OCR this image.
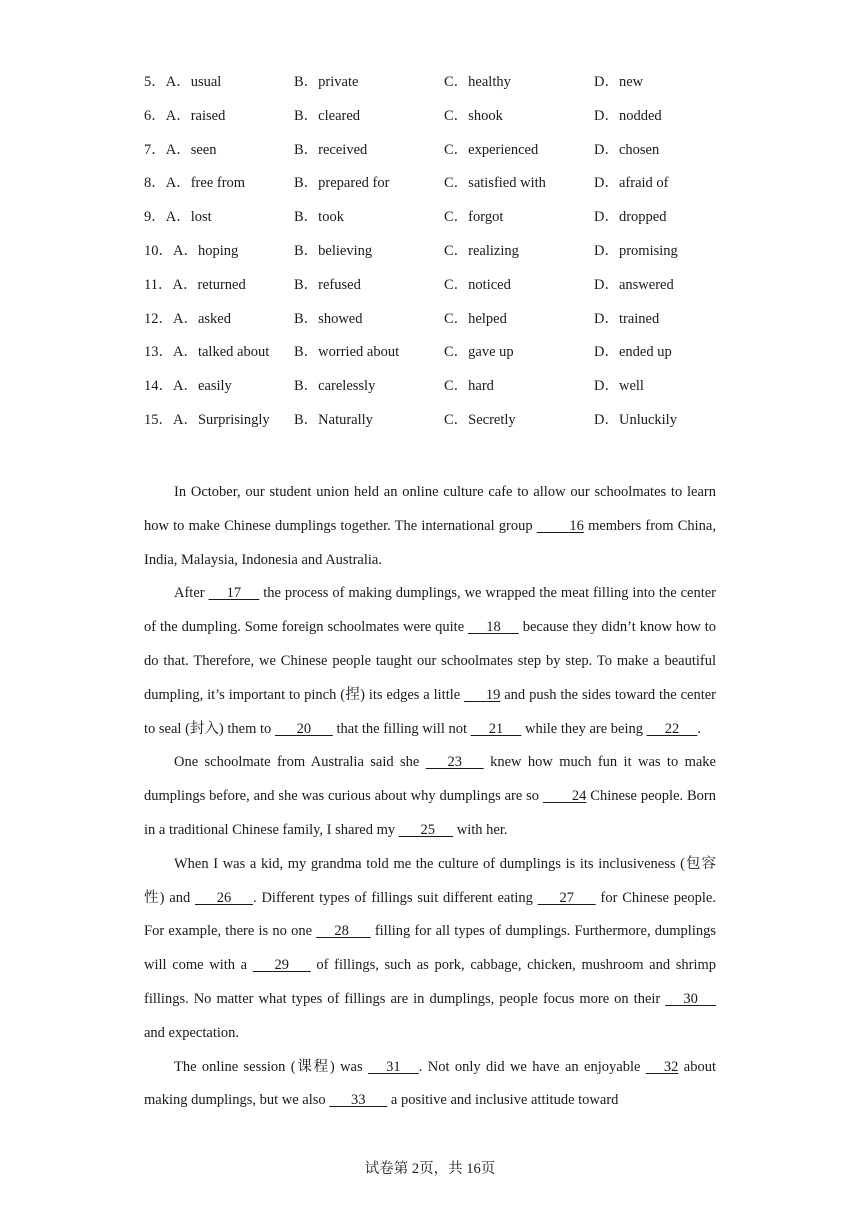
5．A．usual	B．private	C．healthy	D．new
6．A．raised	B．cleared	C．shook	D．nodded
7．A．seen	B．received	C．experienced	D．chosen
8．A．free from	B．prepared for	C．satisfied with	D．afraid of
9．A．lost	B．took	C．forgot	D．dropped
10．A．hoping	B．believing	C．realizing	D．promising
11．A．returned	B．refused	C．noticed	D．answered
12．A．asked	B．showed	C．helped	D．trained
13．A．talked about B．worried about	C．gave up	D．ended up
14．A．easily	B．carelessly	C．hard	D．well
15．A．Surprisingly B．Naturally	C．Secretly	D．Unluckily

In October, our student union held an online culture cafe to allow our schoolmates to learn how to make Chinese dumplings together. The international group          16 members from China, India, Malaysia, Indonesia and Australia.

After      17      the process of making dumplings, we wrapped the meat filling into the center of the dumpling. Some foreign schoolmates were quite      18      because they didn’t know how to do that. Therefore, we Chinese people taught our schoolmates step by step. To make a beautiful dumpling, it’s important to pinch (捏) its edges a little       19 and push the sides toward the center to seal (封入) them to       20       that the filling will not      21      while they are being      22     .

One schoolmate from Australia said she       23       knew how much fun it was to make dumplings before, and she was curious about why dumplings are so         24 Chinese people. Born in a traditional Chinese family, I shared my       25      with her.

When I was a kid, my grandma told me the culture of dumplings is its inclusiveness (包容性) and       26      . Different types of fillings suit different eating       27       for Chinese people. For example, there is no one      28       filling for all types of dumplings. Furthermore, dumplings will come with a       29       of fillings, such as pork, cabbage, chicken, mushroom and shrimp fillings. No matter what types of fillings are in dumplings, people focus more on their      30      and expectation.

The online session (课程) was      31     . Not only did we have an enjoyable      32 about making dumplings, but we also       33       a positive and inclusive attitude toward

试卷第 2页，共 16页
